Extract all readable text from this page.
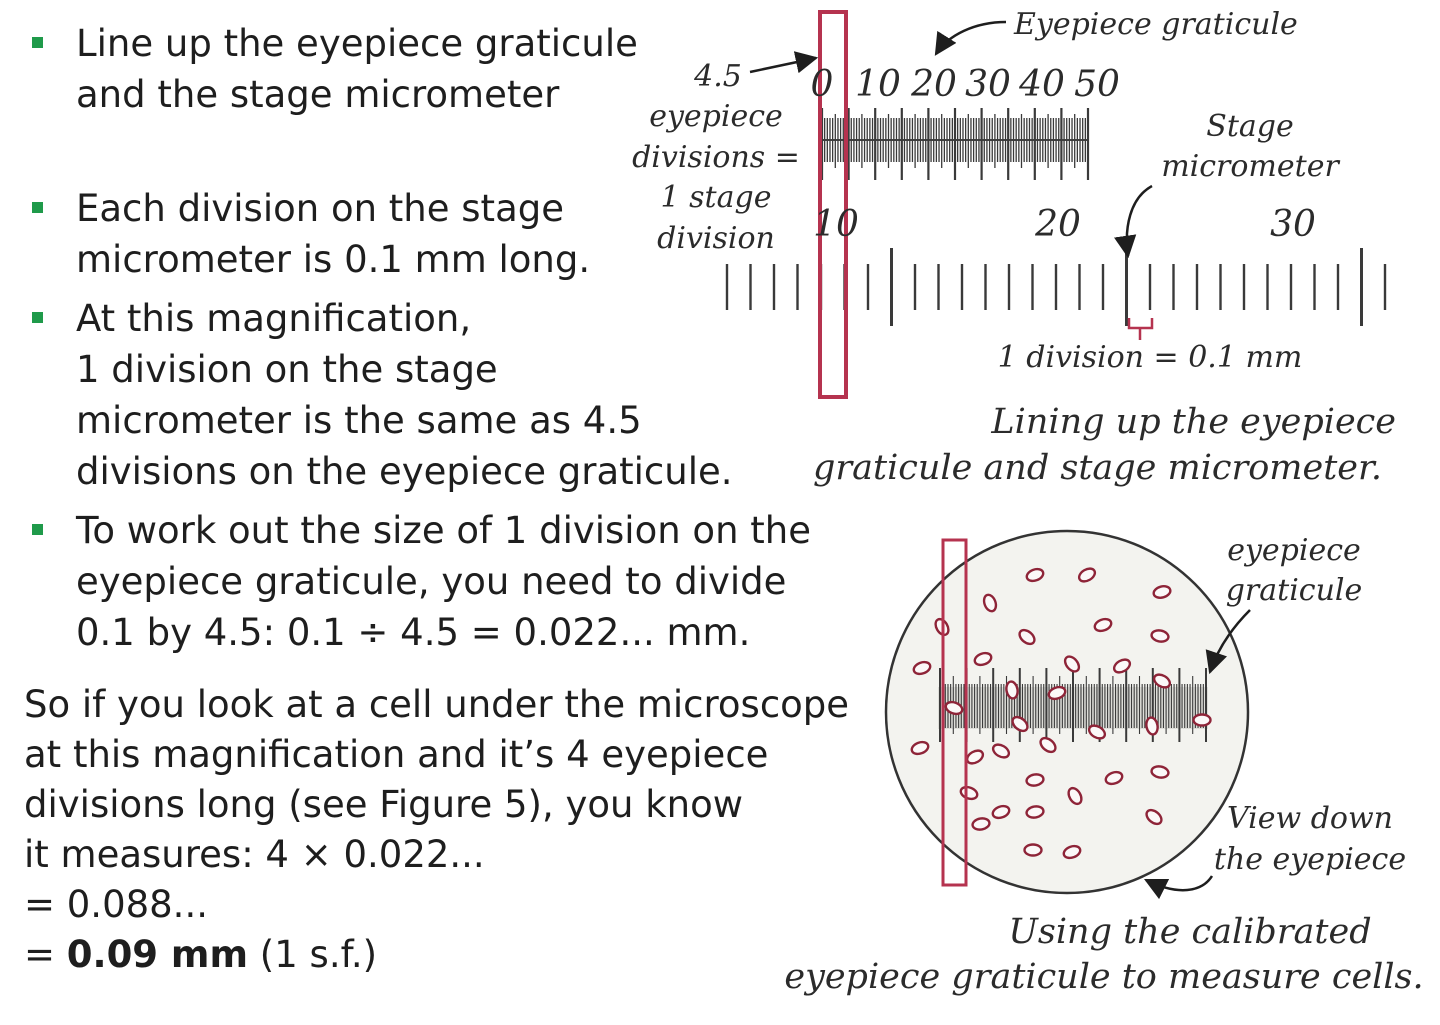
Line up the eyepiece graticule
and the stage micrometer
Each division on the stage
micrometer is 0.1 mm long.
At this magnification,
1 division on the stage
micrometer is the same as 4.5
divisions on the eyepiece graticule.
To work out the size of 1 division on the
eyepiece graticule, you need to divide
0.1 by 4.5: 0.1 ÷ 4.5 = 0.022... mm.
So if you look at a cell under the microscope
at this magnification and it’s 4 eyepiece
divisions long (see Figure 5), you know
it measures: 4 × 0.022...
= 0.088...
= 0.09 mm (1 s.f.)
0 10 20 30 40 50
10	20	30
Eyepiece graticule
4.5
eyepiece
divisions =
1 stage
division
Stage
micrometer
1 division = 0.1 mm
Lining up the eyepiece
graticule and stage micrometer.
eyepiece
graticule
View down
the eyepiece
Using the calibrated
eyepiece graticule to measure cells.
